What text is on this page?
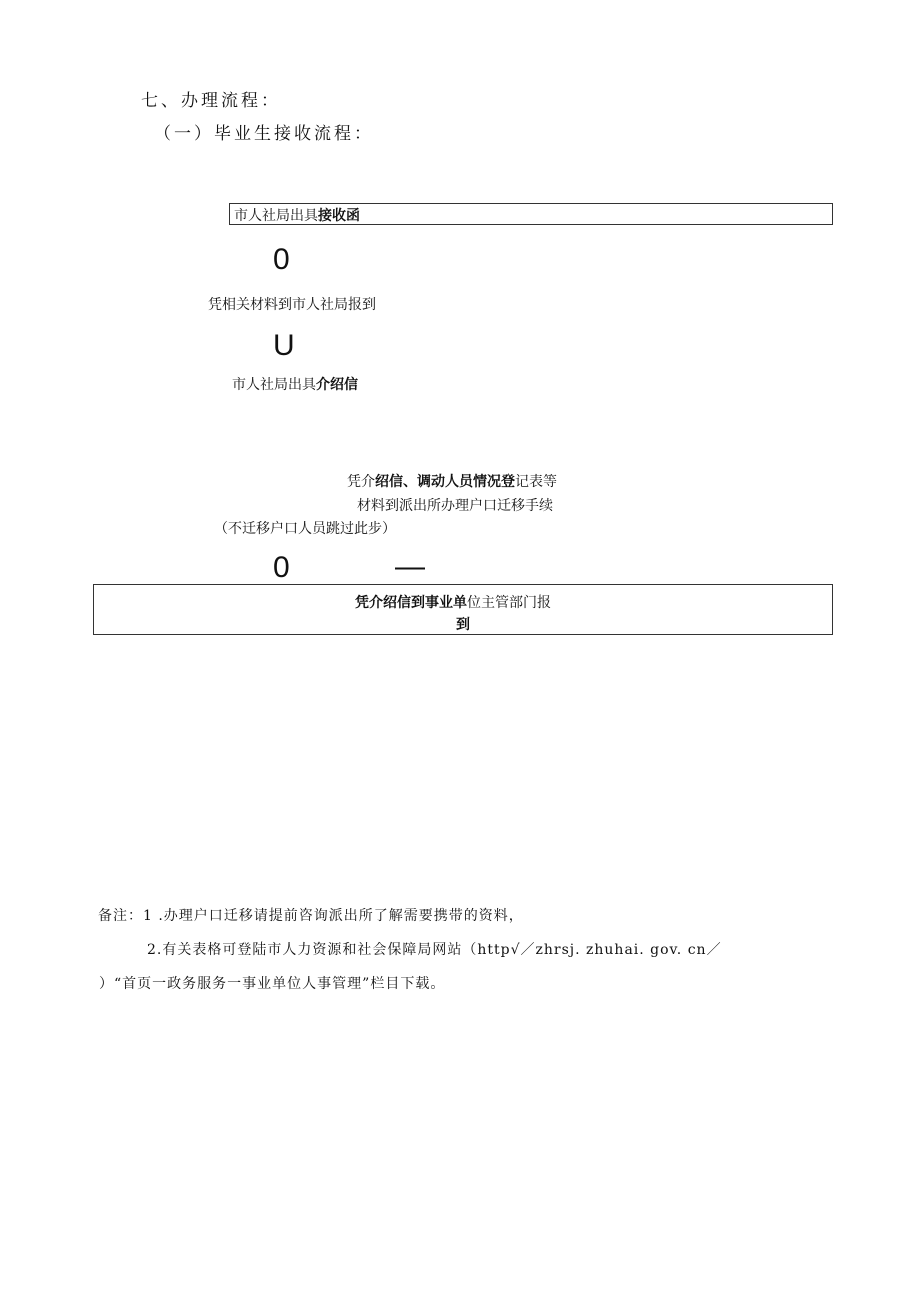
七、办理流程：
（一）毕业生接收流程：
市人社局出具接收函
0
凭相关材料到市人社局报到
U
市人社局出具介绍信
凭介绍信、调动人员情况登记表等
材料到派出所办理户口迁移手续
（不迁移户口人员跳过此步）
0	—
凭介绍信到事业单位主管部门报
到
备注：1 .办理户口迁移请提前咨询派出所了解需要携带的资料，
2.有关表格可登陆市人力资源和社会保障局网站（http√／zhrsj. zhuhai. gov. cn／
）“首页一政务服务一事业单位人事管理”栏目下载。
